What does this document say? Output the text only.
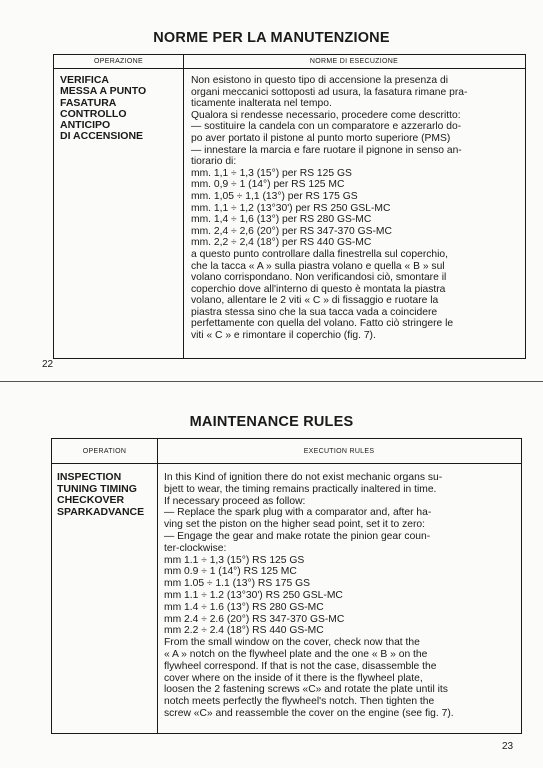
NORME PER LA MANUTENZIONE
OPERAZIONE	NORME DI ESECUZIONE
VERIFICA
MESSA A PUNTO
FASATURA
CONTROLLO
ANTICIPO
DI ACCENSIONE
Non esistono in questo tipo di accensione la presenza di
organi meccanici sottoposti ad usura, la fasatura rimane pra-
ticamente inalterata nel tempo.
Qualora si rendesse necessario, procedere come descritto:
— sostituire la candela con un comparatore e azzerarlo do-
po aver portato il pistone al punto morto superiore (PMS)
— innestare la marcia e fare ruotare il pignone in senso an-
tiorario di:
mm. 1,1 ÷ 1,3 (15°) per RS 125 GS
mm. 0,9 ÷ 1 (14°) per RS 125 MC
mm. 1,05 ÷ 1,1 (13°) per RS 175 GS
mm. 1,1 ÷ 1,2 (13°30') per RS 250 GSL-MC
mm. 1,4 ÷ 1,6 (13°) per RS 280 GS-MC
mm. 2,4 ÷ 2,6 (20°) per RS 347-370 GS-MC
mm. 2,2 ÷ 2,4 (18°) per RS 440 GS-MC
a questo punto controllare dalla finestrella sul coperchio,
che la tacca « A » sulla piastra volano e quella « B » sul
volano corrispondano. Non verificandosi ciò, smontare il
coperchio dove all'interno di questo è montata la piastra
volano, allentare le 2 viti « C » di fissaggio e ruotare la
piastra stessa sino che la sua tacca vada a coincidere
perfettamente con quella del volano. Fatto ciò stringere le
viti « C » e rimontare il coperchio (fig. 7).
22
MAINTENANCE RULES
OPERATION	EXECUTION RULES
INSPECTION
TUNING TIMING
CHECKOVER
SPARKADVANCE
In this Kind of ignition there do not exist mechanic organs su-
bjett to wear, the timing remains practically inaltered in time.
If necessary proceed as follow:
— Replace the spark plug with a comparator and, after ha-
ving set the piston on the higher sead point, set it to zero:
— Engage the gear and make rotate the pinion gear coun-
ter-clockwise:
mm 1.1 ÷ 1,3 (15°) RS 125 GS
mm 0.9 ÷ 1 (14°) RS 125 MC
mm 1.05 ÷ 1.1 (13°) RS 175 GS
mm 1.1 ÷ 1.2 (13°30') RS 250 GSL-MC
mm 1.4 ÷ 1.6 (13°) RS 280 GS-MC
mm 2.4 ÷ 2.6 (20°) RS 347-370 GS-MC
mm 2.2 ÷ 2.4 (18°) RS 440 GS-MC
From the small window on the cover, check now that the
« A » notch on the flywheel plate and the one « B » on the
flywheel correspond. If that is not the case, disassemble the
cover where on the inside of it there is the flywheel plate,
loosen the 2 fastening screws «C» and rotate the plate until its
notch meets perfectly the flywheel's notch. Then tighten the
screw «C» and reassemble the cover on the engine (see fig. 7).
23
